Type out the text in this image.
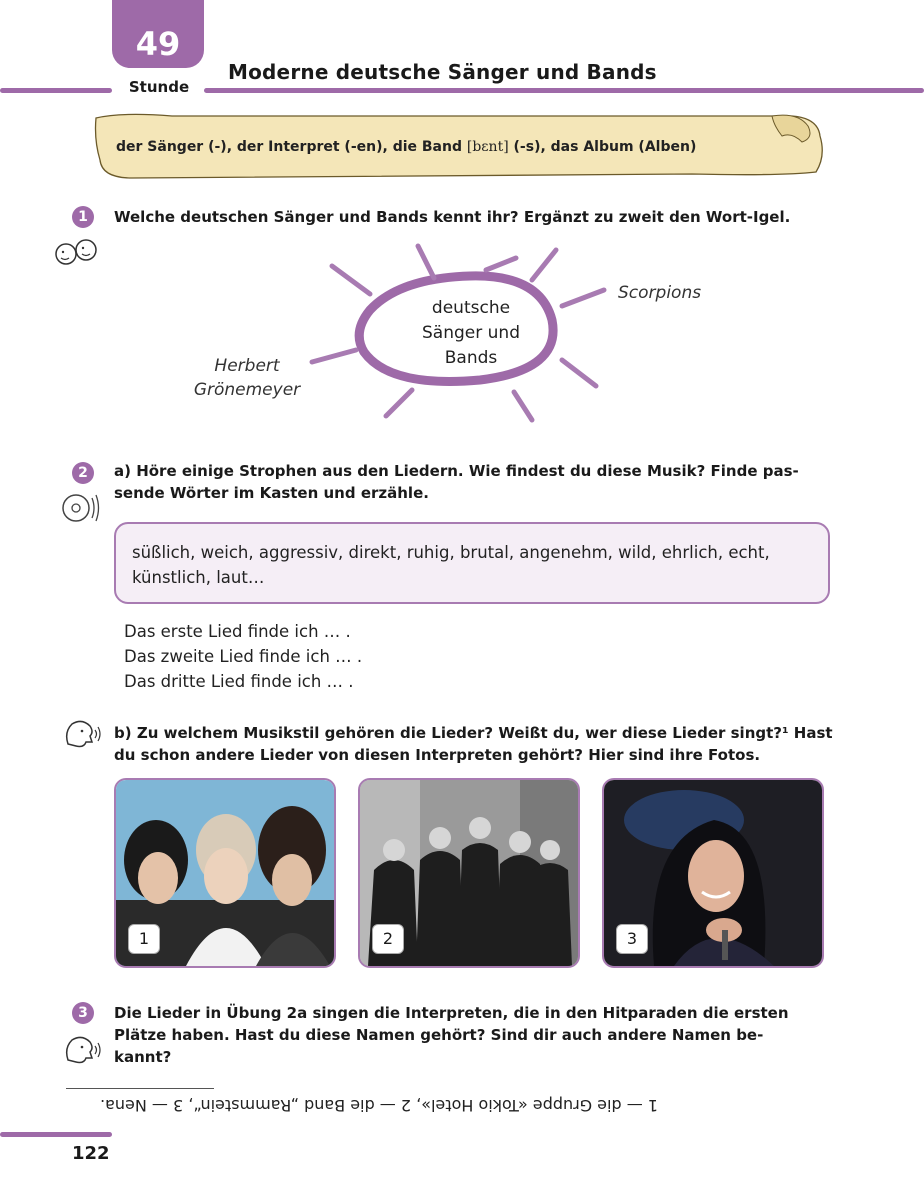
49
Stunde
Moderne deutsche Sänger und Bands
der Sänger (-), der Interpret (-en), die Band [bɛnt] (-s), das Album (Alben)
1	Welche deutschen Sänger und Bands kennt ihr? Ergänzt zu zweit den Wort-Igel.
deutsche
Sänger und
Bands
Scorpions
Herbert
Grönemeyer
2	a) Höre einige Strophen aus den Liedern. Wie findest du diese Musik? Finde pas-
sende Wörter im Kasten und erzähle.
süßlich, weich, aggressiv, direkt, ruhig, brutal, angenehm, wild, ehrlich, echt,
künstlich, laut…
Das erste Lied finde ich … .
Das zweite Lied finde ich … .
Das dritte Lied finde ich … .
b) Zu welchem Musikstil gehören die Lieder? Weißt du, wer diese Lieder singt?¹ Hast
du schon andere Lieder von diesen Interpreten gehört? Hier sind ihre Fotos.
1	2	3
3	Die Lieder in Übung 2a singen die Interpreten, die in den Hitparaden die ersten
Plätze haben. Hast du diese Namen gehört? Sind dir auch andere Namen be-
kannt?
1 — die Gruppe «Tokio Hotel», 2 — die Band „Rammstein“, 3 — Nena.
122
